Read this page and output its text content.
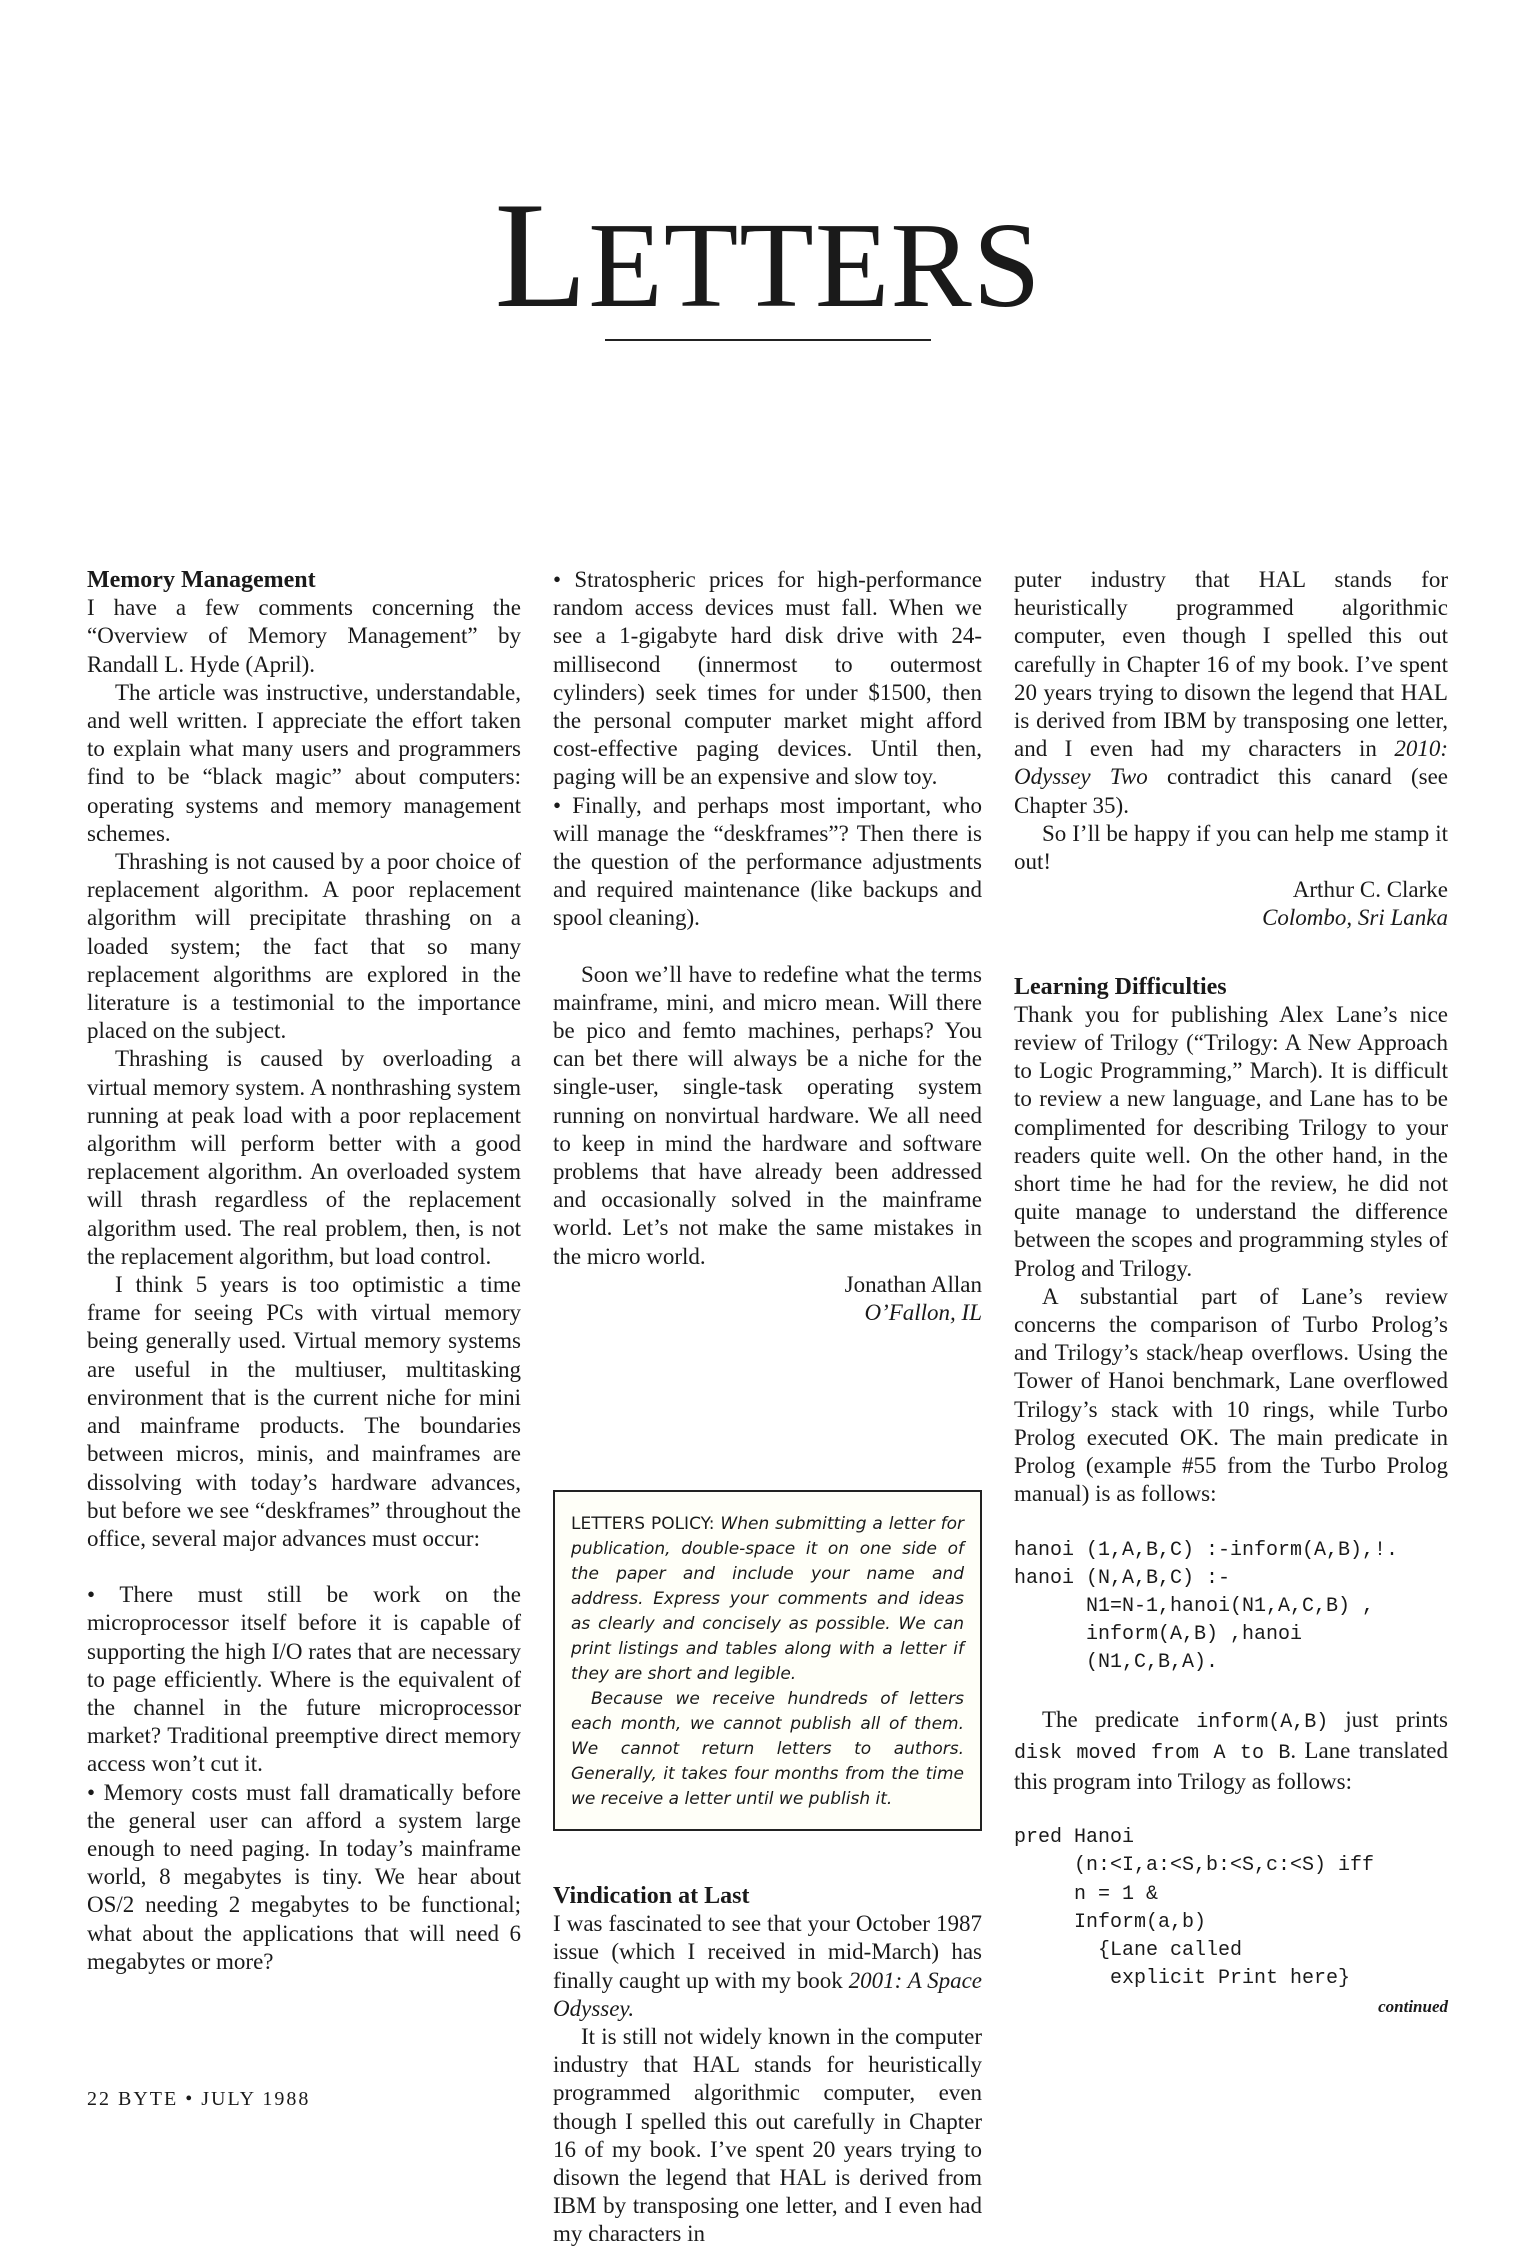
LETTERS
Memory Management

I have a few comments concerning the “Overview of Memory Management” by Randall L. Hyde (April).

The article was instructive, understandable, and well written. I appreciate the effort taken to explain what many users and programmers find to be “black magic” about computers: operating systems and memory management schemes.

Thrashing is not caused by a poor choice of replacement algorithm. A poor replacement algorithm will precipitate thrashing on a loaded system; the fact that so many replacement algorithms are explored in the literature is a testimonial to the importance placed on the subject.

Thrashing is caused by overloading a virtual memory system. A nonthrashing system running at peak load with a poor replacement algorithm will perform better with a good replacement algorithm. An overloaded system will thrash regardless of the replacement algorithm used. The real problem, then, is not the replacement algorithm, but load control.

I think 5 years is too optimistic a time frame for seeing PCs with virtual memory being generally used. Virtual memory systems are useful in the multiuser, multitasking environment that is the current niche for mini and mainframe products. The boundaries between micros, minis, and mainframes are dissolving with today’s hardware advances, but before we see “deskframes” throughout the office, several major advances must occur:

• There must still be work on the microprocessor itself before it is capable of supporting the high I/O rates that are necessary to page efficiently. Where is the equivalent of the channel in the future microprocessor market? Traditional preemptive direct memory access won’t cut it.

• Memory costs must fall dramatically before the general user can afford a system large enough to need paging. In today’s mainframe world, 8 megabytes is tiny. We hear about OS/2 needing 2 megabytes to be functional; what about the applications that will need 6 megabytes or more?

• Stratospheric prices for high-performance random access devices must fall. When we see a 1-gigabyte hard disk drive with 24-millisecond (innermost to outermost cylinders) seek times for under $1500, then the personal computer market might afford cost-effective paging devices. Until then, paging will be an expensive and slow toy.

• Finally, and perhaps most important, who will manage the “deskframes”? Then there is the question of the performance adjustments and required maintenance (like backups and spool cleaning).

Soon we’ll have to redefine what the terms mainframe, mini, and micro mean. Will there be pico and femto machines, perhaps? You can bet there will always be a niche for the single-user, single-task operating system running on nonvirtual hardware. We all need to keep in mind the hardware and software problems that have already been addressed and occasionally solved in the mainframe world. Let’s not make the same mistakes in the micro world.

Jonathan Allan
O’Fallon, IL

LETTERS POLICY: When submitting a letter for publication, double-space it on one side of the paper and include your name and address. Express your comments and ideas as clearly and concisely as possible. We can print listings and tables along with a letter if they are short and legible.

Because we receive hundreds of letters each month, we cannot publish all of them. We cannot return letters to authors. Generally, it takes four months from the time we receive a letter until we publish it.

Vindication at Last

I was fascinated to see that your October 1987 issue (which I received in mid-March) has finally caught up with my book 2001: A Space Odyssey.

It is still not widely known in the computer industry that HAL stands for heuristically programmed algorithmic computer, even though I spelled this out carefully in Chapter 16 of my book. I’ve spent 20 years trying to disown the legend that HAL is derived from IBM by transposing one letter, and I even had my characters in

puter industry that HAL stands for heuristically programmed algorithmic computer, even though I spelled this out carefully in Chapter 16 of my book. I’ve spent 20 years trying to disown the legend that HAL is derived from IBM by transposing one letter, and I even had my characters in 2010: Odyssey Two contradict this canard (see Chapter 35).

So I’ll be happy if you can help me stamp it out!

Arthur C. Clarke
Colombo, Sri Lanka
Learning Difficulties

Thank you for publishing Alex Lane’s nice review of Trilogy (“Trilogy: A New Approach to Logic Programming,” March). It is difficult to review a new language, and Lane has to be complimented for describing Trilogy to your readers quite well. On the other hand, in the short time he had for the review, he did not quite manage to understand the difference between the scopes and programming styles of Prolog and Trilogy.

A substantial part of Lane’s review concerns the comparison of Turbo Prolog’s and Trilogy’s stack/heap overflows. Using the Tower of Hanoi benchmark, Lane overflowed Trilogy’s stack with 10 rings, while Turbo Prolog executed OK. The main predicate in Prolog (example #55 from the Turbo Prolog manual) is as follows:

hanoi (1,A,B,C) :-inform(A,B),!.
hanoi (N,A,B,C) :-
N1=N-1,hanoi(N1,A,C,B) ,
inform(A,B) ,hanoi
(N1,C,B,A).

The predicate inform(A,B) just prints disk moved from A to B. Lane translated this program into Trilogy as follows:

pred Hanoi
(n:<I,a:<S,b:<S,c:<S) iff
n = 1 &
Inform(a,b)
{Lane called
explicit Print here}
continued
22 BYTE • JULY 1988
